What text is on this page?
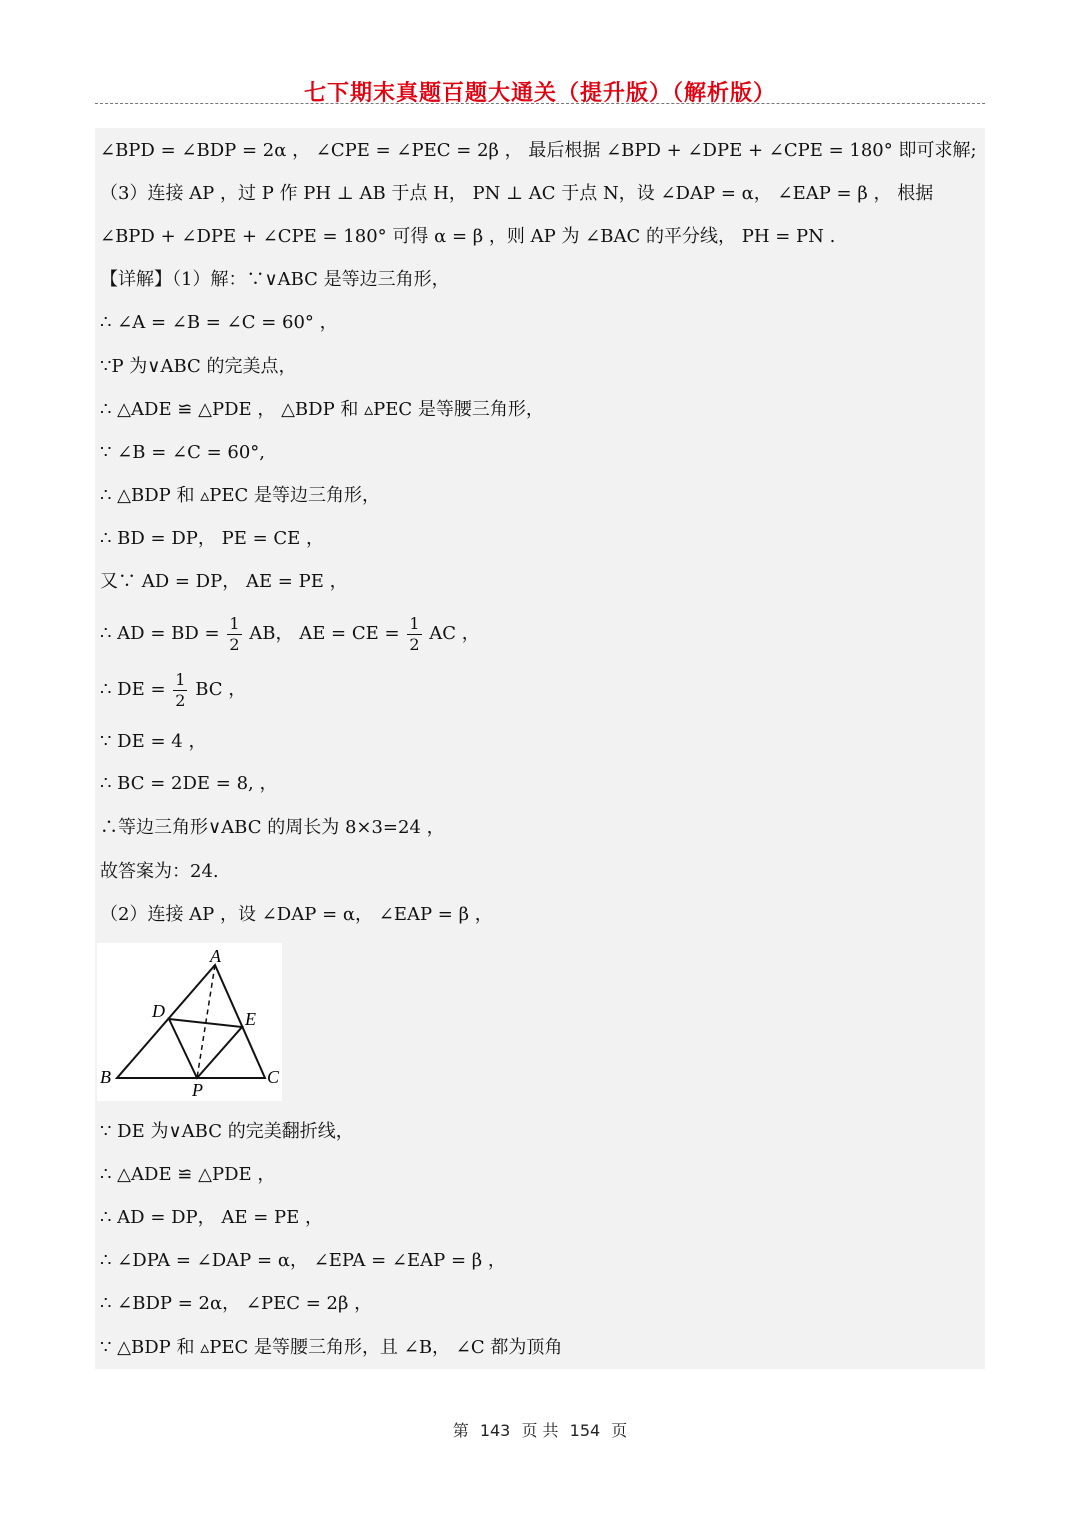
七下期末真题百题大通关（提升版）（解析版）
∠BPD = ∠BDP = 2α ， ∠CPE = ∠PEC = 2β ， 最后根据 ∠BPD + ∠DPE + ∠CPE = 180° 即可求解;
（3）连接 AP ，过 P 作 PH ⊥ AB 于点 H， PN ⊥ AC 于点 N，设 ∠DAP = α， ∠EAP = β ， 根据
∠BPD + ∠DPE + ∠CPE = 180° 可得 α = β ，则 AP 为 ∠BAC 的平分线， PH = PN .
【详解】（1）解：∵∨ABC 是等边三角形，
∴ ∠A = ∠B = ∠C = 60° ，
∵P 为∨ABC 的完美点，
∴ △ADE ≌ △PDE ， △BDP 和 ▵PEC 是等腰三角形，
∵ ∠B = ∠C = 60°,
∴ △BDP 和 ▵PEC 是等边三角形，
∴ BD = DP， PE = CE ，
又∵ AD = DP， AE = PE ，
∴ AD = BD = $\frac{1}{2}$ AB， AE = CE = $\frac{1}{2}$ AC ，
∴ DE = $\frac{1}{2}$ BC ，
∵ DE = 4 ，
∴ BC = 2DE = 8, ，
∴等边三角形∨ABC 的周长为 8×3=24 ，
故答案为：24.
（2）连接 AP ，设 ∠DAP = α， ∠EAP = β ，
A
B	C
D	E
P
∵ DE 为∨ABC 的完美翻折线，
∴ △ADE ≌ △PDE ，
∴ AD = DP， AE = PE ，
∴ ∠DPA = ∠DAP = α， ∠EPA = ∠EAP = β ，
∴ ∠BDP = 2α， ∠PEC = 2β ，
∵ △BDP 和 ▵PEC 是等腰三角形，且 ∠B， ∠C 都为顶角
第 143 页 共 154 页
